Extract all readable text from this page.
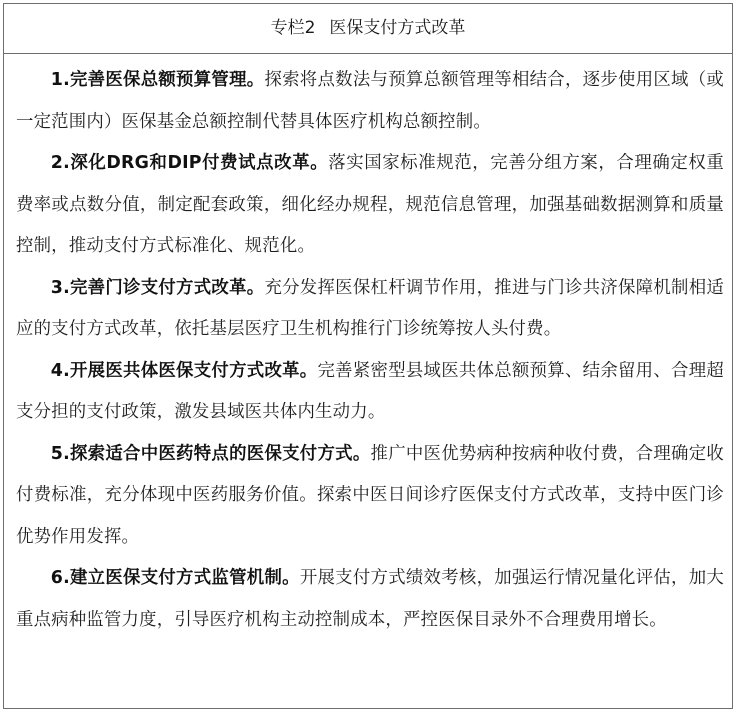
专栏2 医保支付方式改革

1.完善医保总额预算管理。探索将点数法与预算总额管理等相结合，逐步使用区域（或一定范围内）医保基金总额控制代替具体医疗机构总额控制。

2.深化DRG和DIP付费试点改革。落实国家标准规范，完善分组方案，合理确定权重费率或点数分值，制定配套政策，细化经办规程，规范信息管理，加强基础数据测算和质量控制，推动支付方式标准化、规范化。

3.完善门诊支付方式改革。充分发挥医保杠杆调节作用，推进与门诊共济保障机制相适应的支付方式改革，依托基层医疗卫生机构推行门诊统筹按人头付费。

4.开展医共体医保支付方式改革。完善紧密型县域医共体总额预算、结余留用、合理超支分担的支付政策，激发县域医共体内生动力。

5.探索适合中医药特点的医保支付方式。推广中医优势病种按病种收付费，合理确定收付费标准，充分体现中医药服务价值。探索中医日间诊疗医保支付方式改革，支持中医门诊优势作用发挥。

6.建立医保支付方式监管机制。开展支付方式绩效考核，加强运行情况量化评估，加大重点病种监管力度，引导医疗机构主动控制成本，严控医保目录外不合理费用增长。
